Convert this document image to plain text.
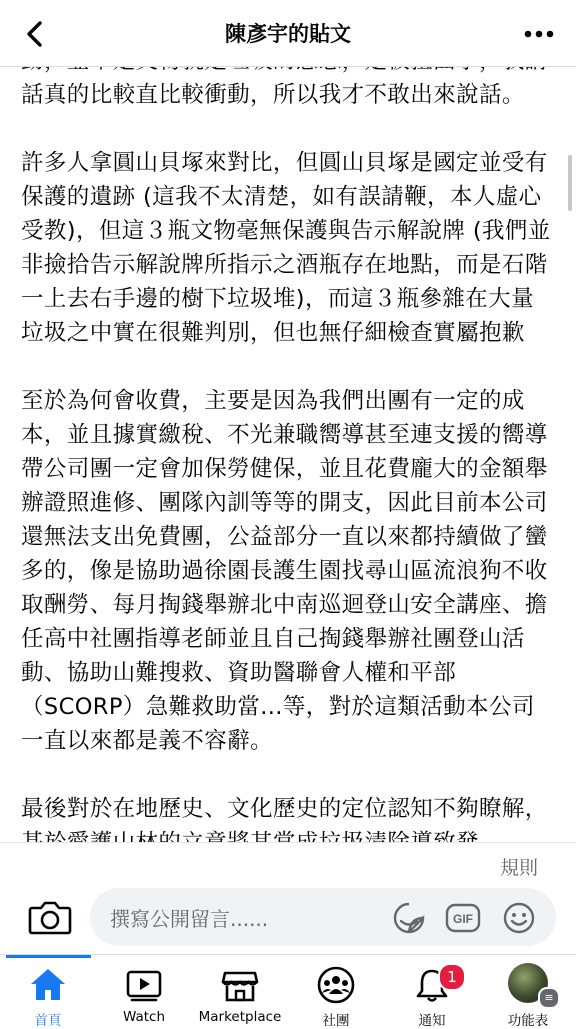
陳彥宇的貼文

話真的比較直比較衝動，所以我才不敢出來說話。

許多人拿圓山貝塚來對比，但圓山貝塚是國定並受有保護的遺跡 (這我不太清楚，如有誤請鞭，本人虛心受教)，但這３瓶文物毫無保護與告示解說牌 (我們並非撿拾告示解說牌所指示之酒瓶存在地點，而是石階一上去右手邊的樹下垃圾堆)，而這３瓶參雜在大量垃圾之中實在很難判別，但也無仔細檢查實屬抱歉

至於為何會收費，主要是因為我們出團有一定的成本，並且據實繳稅、不光兼職嚮導甚至連支援的嚮導帶公司團一定會加保勞健保，並且花費龐大的金額舉辦證照進修、團隊內訓等等的開支，因此目前本公司還無法支出免費團，公益部分一直以來都持續做了蠻多的，像是協助過徐園長護生園找尋山區流浪狗不收取酬勞、每月掏錢舉辦北中南巡迴登山安全講座、擔任高中社團指導老師並且自己掏錢舉辦社團登山活動、協助山難搜救、資助醫聯會人權和平部（SCORP）急難救助當...等，對於這類活動本公司一直以來都是義不容辭。

最後對於在地歷史、文化歷史的定位認知不夠瞭解，

規則
撰寫公開留言......	GIF
首頁	Watch	Marketplace	社團
1
通知
≡
功能表
